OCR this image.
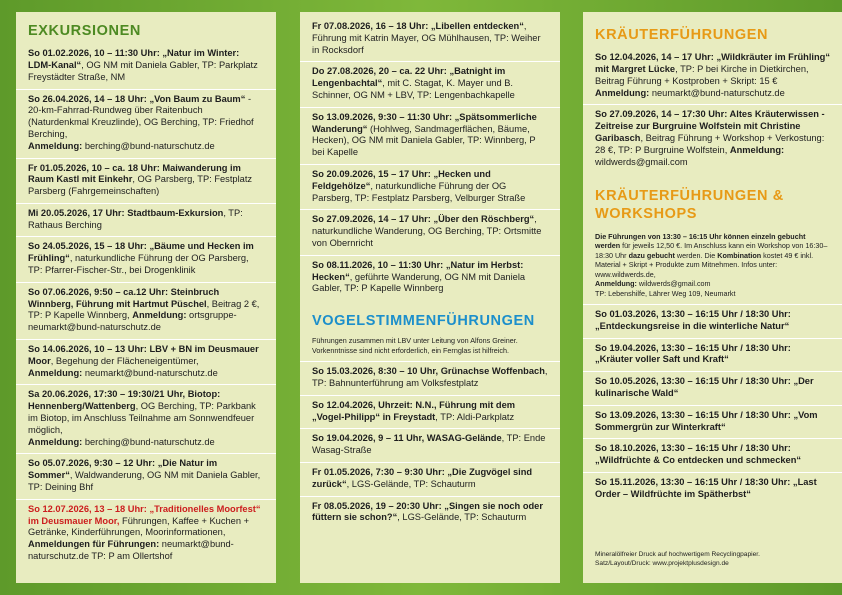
EXKURSIONEN
So 01.02.2026, 10 – 11:30 Uhr: „Natur im Winter: LDM-Kanal“, OG NM mit Daniela Gabler, TP: Parkplatz Freystädter Straße, NM
So 26.04.2026, 14 – 18 Uhr: „Von Baum zu Baum“ - 20-km-Fahrrad-Rundweg über Raitenbuch (Naturdenkmal Kreuzlinde), OG Berching, TP: Friedhof Berching,
Anmeldung: berching@bund-naturschutz.de
Fr 01.05.2026, 10 – ca. 18 Uhr: Maiwanderung im Raum Kastl mit Einkehr, OG Parsberg, TP: Festplatz Parsberg (Fahrgemeinschaften)
Mi 20.05.2026, 17 Uhr: Stadtbaum-Exkursion, TP: Rathaus Berching
So 24.05.2026, 15 – 18 Uhr: „Bäume und Hecken im Frühling“, naturkundliche Führung der OG Parsberg, TP: Pfarrer-Fischer-Str., bei Drogenklinik
So 07.06.2026, 9:50 – ca.12 Uhr: Steinbruch Winnberg, Führung mit Hartmut Püschel, Beitrag 2 €, TP: P Kapelle Winnberg, Anmeldung: ortsgruppe-neumarkt@bund-naturschutz.de
So 14.06.2026, 10 – 13 Uhr: LBV + BN im Deusmauer Moor, Begehung der Flächeneigentümer,
Anmeldung: neumarkt@bund-naturschutz.de
Sa 20.06.2026, 17:30 – 19:30/21 Uhr, Biotop: Hennenberg/Wattenberg, OG Berching, TP: Parkbank im Biotop, im Anschluss Teilnahme am Sonnwendfeuer möglich,
Anmeldung: berching@bund-naturschutz.de
So 05.07.2026, 9:30 – 12 Uhr: „Die Natur im Sommer“, Waldwanderung, OG NM mit Daniela Gabler, TP: Deining Bhf
So 12.07.2026, 13 – 18 Uhr: „Traditionelles Moorfest“ im Deusmauer Moor, Führungen, Kaffee + Kuchen + Getränke, Kinderführungen, Moorinformationen, Anmeldungen für Führungen: neumarkt@bund-naturschutz.de TP: P am Ollertshof
Fr 07.08.2026, 16 – 18 Uhr: „Libellen entdecken“, Führung mit Katrin Mayer, OG Mühlhausen, TP: Weiher in Rocksdorf
Do 27.08.2026, 20 – ca. 22 Uhr: „Batnight im Lengenbachtal“, mit C. Stagat, K. Mayer und B. Schinner, OG NM + LBV, TP: Lengenbachkapelle
So 13.09.2026, 9:30 – 11:30 Uhr: „Spätsommerliche Wanderung“ (Hohlweg, Sandmagerflächen, Bäume, Hecken), OG NM mit Daniela Gabler, TP: Winnberg, P bei Kapelle
So 20.09.2026, 15 – 17 Uhr: „Hecken und Feldgehölze“, naturkundliche Führung der OG Parsberg, TP: Festplatz Parsberg, Velburger Straße
So 27.09.2026, 14 – 17 Uhr: „Über den Röschberg“, naturkundliche Wanderung, OG Berching, TP: Ortsmitte von Obernricht
So 08.11.2026, 10 – 11:30 Uhr: „Natur im Herbst: Hecken“, geführte Wanderung, OG NM mit Daniela Gabler, TP: P Kapelle Winnberg
VOGELSTIMMENFÜHRUNGEN
Führungen zusammen mit LBV unter Leitung von Alfons Greiner. Vorkenntnisse sind nicht erforderlich, ein Fernglas ist hilfreich.
So 15.03.2026, 8:30 – 10 Uhr, Grünachse Woffenbach, TP: Bahnunterführung am Volksfestplatz
So 12.04.2026, Uhrzeit: N.N., Führung mit dem „Vogel-Philipp“ in Freystadt, TP: Aldi-Parkplatz
So 19.04.2026, 9 – 11 Uhr, WASAG-Gelände, TP: Ende Wasag-Straße
Fr 01.05.2026, 7:30 – 9:30 Uhr: „Die Zugvögel sind zurück“, LGS-Gelände, TP: Schauturm
Fr 08.05.2026, 19 – 20:30 Uhr: „Singen sie noch oder füttern sie schon?“, LGS-Gelände, TP: Schauturm
KRÄUTERFÜHRUNGEN
So 12.04.2026, 14 – 17 Uhr: „Wildkräuter im Frühling“ mit Margret Lücke, TP: P bei Kirche in Dietkirchen, Beitrag Führung + Kostproben + Skript: 15 €
Anmeldung: neumarkt@bund-naturschutz.de
So 27.09.2026, 14 – 17:30 Uhr: Altes Kräuterwissen - Zeitreise zur Burgruine Wolfstein mit Christine Garibasch, Beitrag Führung + Workshop + Verkostung: 28 €, TP: P Burgruine Wolfstein, Anmeldung: wildwerds@gmail.com
KRÄUTERFÜHRUNGEN &
WORKSHOPS
Die Führungen von 13:30 – 16:15 Uhr können einzeln gebucht werden für jeweils 12,50 €. Im Anschluss kann ein Workshop von 16:30– 18:30 Uhr dazu gebucht werden. Die Kombination kostet 49 € inkl. Material + Skript + Produkte zum Mitnehmen. Infos unter: www.wildwerds.de,
Anmeldung: wildwerds@gmail.com
TP: Lebenshilfe, Lährer Weg 109, Neumarkt
So 01.03.2026, 13:30 – 16:15 Uhr / 18:30 Uhr: „Entdeckungsreise in die winterliche Natur“
So 19.04.2026, 13:30 – 16:15 Uhr / 18:30 Uhr: „Kräuter voller Saft und Kraft“
So 10.05.2026, 13:30 – 16:15 Uhr / 18:30 Uhr: „Der kulinarische Wald“
So 13.09.2026, 13:30 – 16:15 Uhr / 18:30 Uhr: „Vom Sommergrün zur Winterkraft“
So 18.10.2026, 13:30 – 16:15 Uhr / 18:30 Uhr: „Wildfrüchte & Co entdecken und schmecken“
So 15.11.2026, 13:30 – 16:15 Uhr / 18:30 Uhr: „Last Order – Wildfrüchte im Spätherbst“
Mineralölfreier Druck auf hochwertigem Recyclingpapier.
Satz/Layout/Druck: www.projektplusdesign.de
